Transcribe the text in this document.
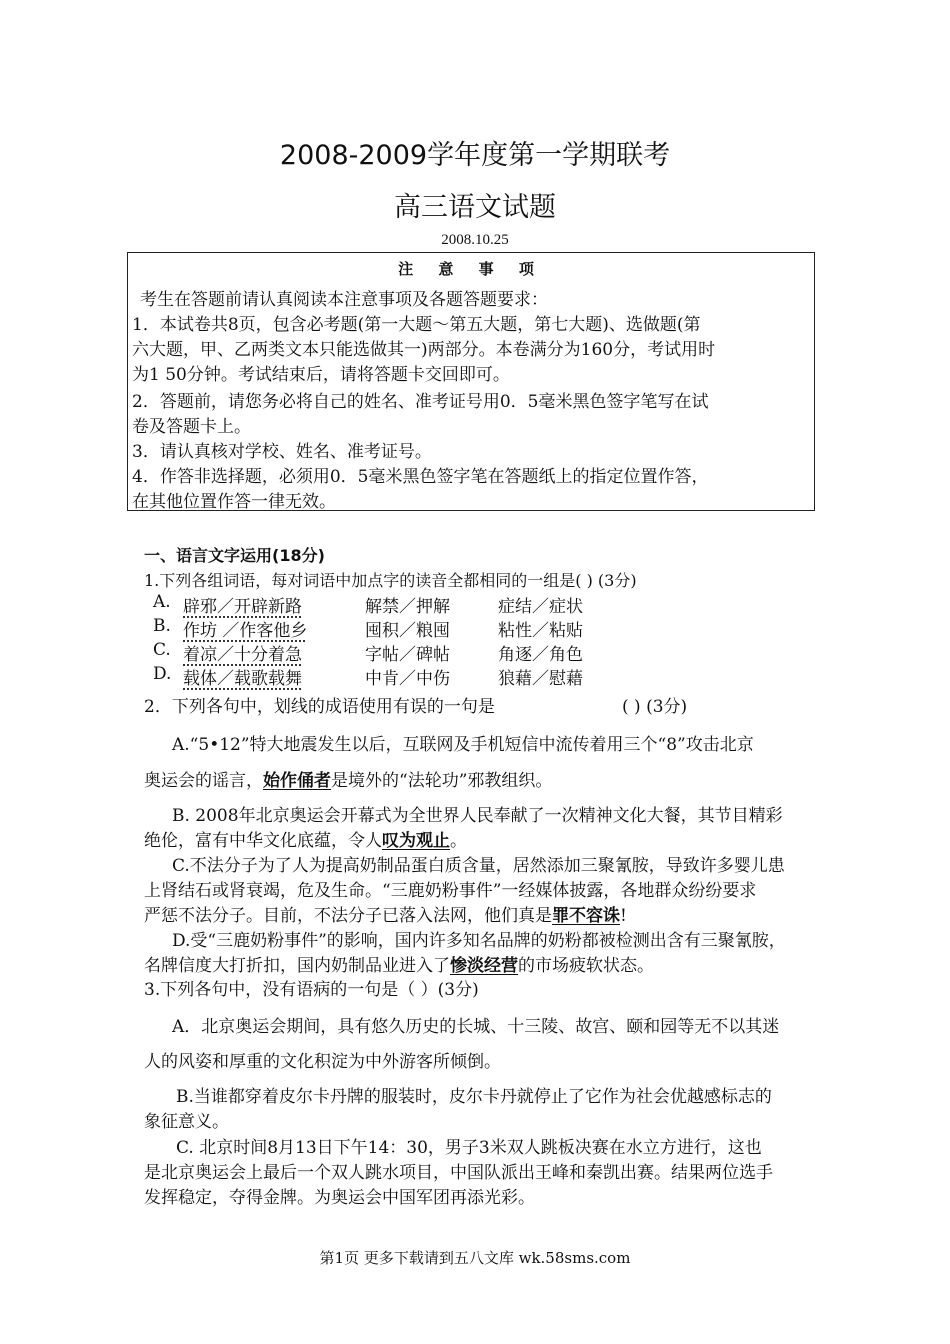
2008-2009学年度第一学期联考
高三语文试题
2008.10.25
注 意 事 项
考生在答题前请认真阅读本注意事项及各题答题要求：
1．本试卷共8页，包含必考题(第一大题～第五大题，第七大题)、选做题(第
六大题，甲、乙两类文本只能选做其一)两部分。本卷满分为160分，考试用时
为1 50分钟。考试结束后，请将答题卡交回即可。
2．答题前，请您务必将自己的姓名、准考证号用0．5毫米黑色签字笔写在试
卷及答题卡上。
3．请认真核对学校、姓名、准考证号。
4．作答非选择题，必须用0．5毫米黑色签字笔在答题纸上的指定位置作答，
在其他位置作答一律无效。
一、语言文字运用(18分)
1.下列各组词语，每对词语中加点字的读音全都相同的一组是( ) (3分)
A. 辟邪／开辟新路	解禁／押解	症结／症状
B. 作坊 ／作客他乡	囤积／粮囤	粘性／粘贴
C. 着凉／十分着急	字帖／碑帖	角逐／角色
D. 载体／载歌载舞	中肯／中伤	狼藉／慰藉
2．下列各句中，划线的成语使用有误的一句是	( ) (3分)
A.“5•12”特大地震发生以后，互联网及手机短信中流传着用三个“8”攻击北京
奥运会的谣言，始作俑者是境外的“法轮功”邪教组织。
B. 2008年北京奥运会开幕式为全世界人民奉献了一次精神文化大餐，其节目精彩
绝伦，富有中华文化底蕴，令人叹为观止。
C.不法分子为了人为提高奶制品蛋白质含量，居然添加三聚氰胺，导致许多婴儿患
上肾结石或肾衰竭，危及生命。“三鹿奶粉事件”一经媒体披露，各地群众纷纷要求
严惩不法分子。目前，不法分子已落入法网，他们真是罪不容诛!
D.受“三鹿奶粉事件”的影响，国内许多知名品牌的奶粉都被检测出含有三聚氰胺，
名牌信度大打折扣，国内奶制品业进入了惨淡经营的市场疲软状态。
3.下列各句中，没有语病的一句是（ ）(3分)
A．北京奥运会期间，具有悠久历史的长城、十三陵、故宫、颐和园等无不以其迷
人的风姿和厚重的文化积淀为中外游客所倾倒。
B.当谁都穿着皮尔卡丹牌的服装时，皮尔卡丹就停止了它作为社会优越感标志的
象征意义。
C. 北京时间8月13日下午14：30，男子3米双人跳板决赛在水立方进行，这也
是北京奥运会上最后一个双人跳水项目，中国队派出王峰和秦凯出赛。结果两位选手
发挥稳定，夺得金牌。为奥运会中国军团再添光彩。
第1页 更多下载请到五八文库 wk.58sms.com
